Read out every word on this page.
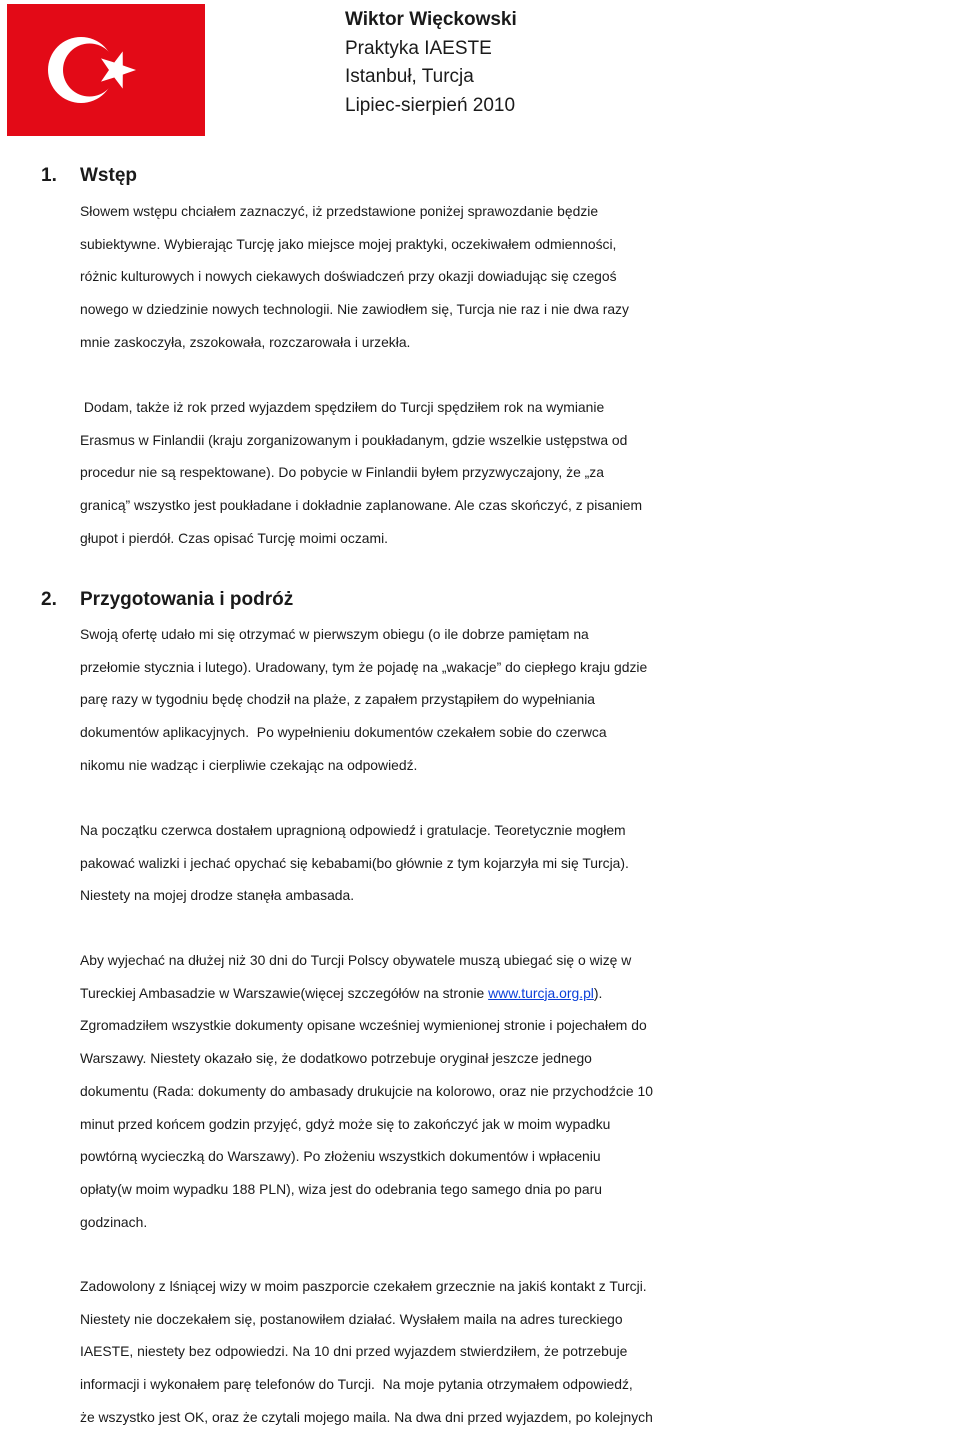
Wiktor Więckowski
Praktyka IAESTE
Istanbuł, Turcja
Lipiec-sierpień 2010
1. Wstęp
Słowem wstępu chciałem zaznaczyć, iż przedstawione poniżej sprawozdanie będzie
subiektywne. Wybierając Turcję jako miejsce mojej praktyki, oczekiwałem odmienności,
różnic kulturowych i nowych ciekawych doświadczeń przy okazji dowiadując się czegoś
nowego w dziedzinie nowych technologii. Nie zawiodłem się, Turcja nie raz i nie dwa razy
mnie zaskoczyła, zszokowała, rozczarowała i urzekła.
Dodam, także iż rok przed wyjazdem spędziłem do Turcji spędziłem rok na wymianie
Erasmus w Finlandii (kraju zorganizowanym i poukładanym, gdzie wszelkie ustępstwa od
procedur nie są respektowane). Do pobycie w Finlandii byłem przyzwyczajony, że „za
granicą” wszystko jest poukładane i dokładnie zaplanowane. Ale czas skończyć, z pisaniem
głupot i pierdół. Czas opisać Turcję moimi oczami.
2. Przygotowania i podróż
Swoją ofertę udało mi się otrzymać w pierwszym obiegu (o ile dobrze pamiętam na
przełomie stycznia i lutego). Uradowany, tym że pojadę na „wakacje” do ciepłego kraju gdzie
parę razy w tygodniu będę chodził na plaże, z zapałem przystąpiłem do wypełniania
dokumentów aplikacyjnych.  Po wypełnieniu dokumentów czekałem sobie do czerwca
nikomu nie wadząc i cierpliwie czekając na odpowiedź.
Na początku czerwca dostałem upragnioną odpowiedź i gratulacje. Teoretycznie mogłem
pakować walizki i jechać opychać się kebabami(bo głównie z tym kojarzyła mi się Turcja).
Niestety na mojej drodze stanęła ambasada.
Aby wyjechać na dłużej niż 30 dni do Turcji Polscy obywatele muszą ubiegać się o wizę w
Tureckiej Ambasadzie w Warszawie(więcej szczegółów na stronie www.turcja.org.pl).
Zgromadziłem wszystkie dokumenty opisane wcześniej wymienionej stronie i pojechałem do
Warszawy. Niestety okazało się, że dodatkowo potrzebuje oryginał jeszcze jednego
dokumentu (Rada: dokumenty do ambasady drukujcie na kolorowo, oraz nie przychodźcie 10
minut przed końcem godzin przyjęć, gdyż może się to zakończyć jak w moim wypadku
powtórną wycieczką do Warszawy). Po złożeniu wszystkich dokumentów i wpłaceniu
opłaty(w moim wypadku 188 PLN), wiza jest do odebrania tego samego dnia po paru
godzinach.
Zadowolony z lśniącej wizy w moim paszporcie czekałem grzecznie na jakiś kontakt z Turcji.
Niestety nie doczekałem się, postanowiłem działać. Wysłałem maila na adres tureckiego
IAESTE, niestety bez odpowiedzi. Na 10 dni przed wyjazdem stwierdziłem, że potrzebuje
informacji i wykonałem parę telefonów do Turcji.  Na moje pytania otrzymałem odpowiedź,
że wszystko jest OK, oraz że czytali mojego maila. Na dwa dni przed wyjazdem, po kolejnych
